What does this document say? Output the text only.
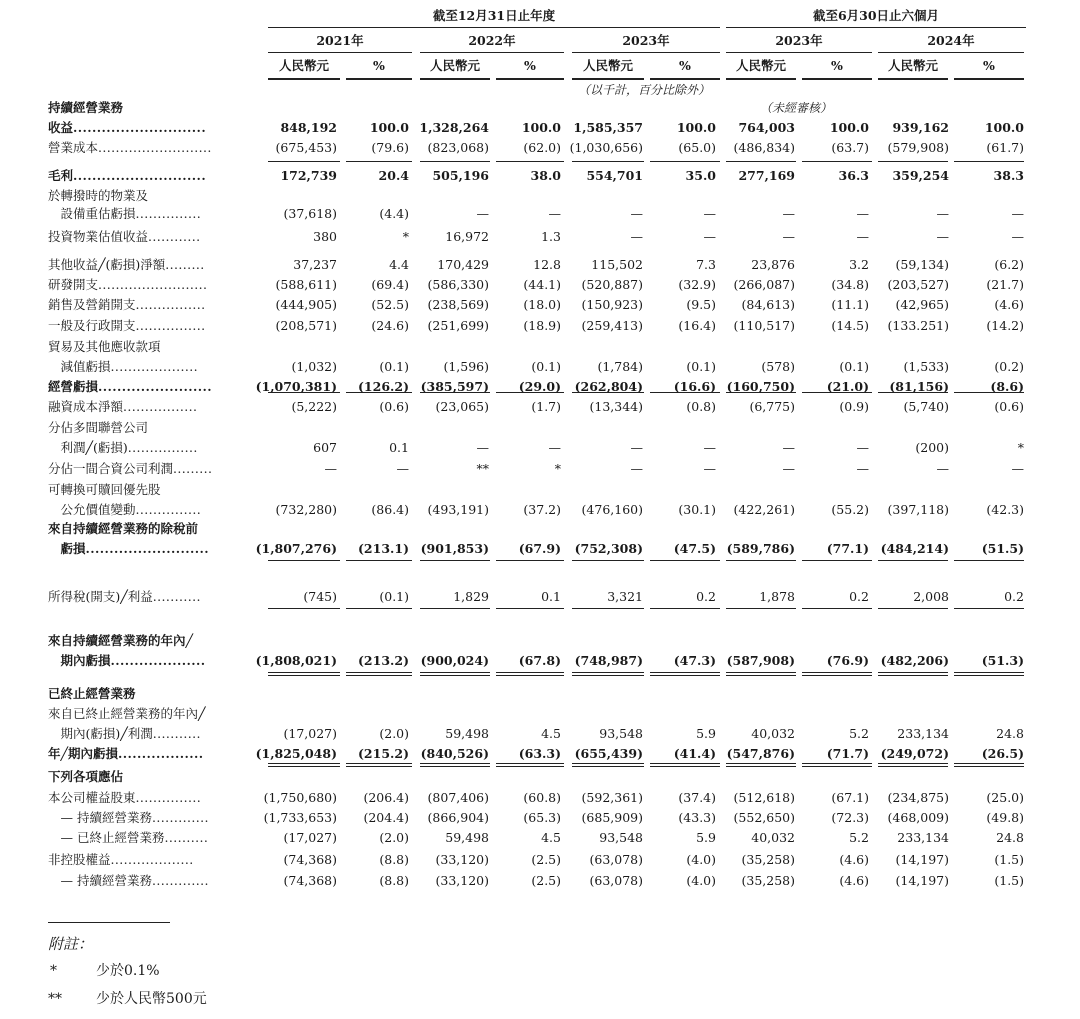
截至12月31日止年度	截至6月30日止六個月
2021年	2022年	2023年	2023年	2024年
人民幣元	%	人民幣元	%	人民幣元	%	人民幣元	%	人民幣元	%
（以千計，百分比除外）
（未經審核）
持續經營業務
收益............................	848,192	100.0 1,328,264	100.0 1,585,357	100.0	764,003	100.0	939,162	100.0
營業成本..........................	(675,453)	(79.6)	(823,068)	(62.0) (1,030,656)	(65.0)	(486,834)	(63.7)	(579,908)	(61.7)
毛利............................	172,739	20.4	505,196	38.0	554,701	35.0	277,169	36.3	359,254	38.3
於轉撥時的物業及
　設備重估虧損...............	(37,618)	(4.4)	—	—	—	—	—	—	—	—
投資物業估值收益............	380	*	16,972	1.3	—	—	—	—	—	—
其他收益╱(虧損)淨額.........	37,237	4.4	170,429	12.8	115,502	7.3	23,876	3.2	(59,134)	(6.2)
研發開支.........................	(588,611)	(69.4)	(586,330)	(44.1)	(520,887)	(32.9)	(266,087)	(34.8)	(203,527)	(21.7)
銷售及營銷開支................	(444,905)	(52.5)	(238,569)	(18.0)	(150,923)	(9.5)	(84,613)	(11.1)	(42,965)	(4.6)
一般及行政開支................	(208,571)	(24.6)	(251,699)	(18.9)	(259,413)	(16.4)	(110,517)	(14.5)	(133.251)	(14.2)
貿易及其他應收款項
　減值虧損....................	(1,032)	(0.1)	(1,596)	(0.1)	(1,784)	(0.1)	(578)	(0.1)	(1,533)	(0.2)
經營虧損........................	(1,070,381)	(126.2) (385,597)	(29.0)	(262,804)	(16.6) (160,750)	(21.0)	(81,156)	(8.6)
融資成本淨額.................	(5,222)	(0.6)	(23,065)	(1.7)	(13,344)	(0.8)	(6,775)	(0.9)	(5,740)	(0.6)
分佔多間聯營公司
　利潤╱(虧損)................	607	0.1	—	—	—	—	—	—	(200)	*
分佔一間合資公司利潤.........	—	—	**	*	—	—	—	—	—	—
可轉換可贖回優先股
　公允價值變動...............	(732,280)	(86.4)	(493,191)	(37.2)	(476,160)	(30.1)	(422,261)	(55.2)	(397,118)	(42.3)
來自持續經營業務的除稅前
　虧損..........................	(1,807,276)	(213.1) (901,853)	(67.9)	(752,308)	(47.5) (589,786)	(77.1) (484,214)	(51.5)
所得稅(開支)╱利益...........	(745)	(0.1)	1,829	0.1	3,321	0.2	1,878	0.2	2,008	0.2
來自持續經營業務的年內╱
　期內虧損....................	(1,808,021)	(213.2) (900,024)	(67.8)	(748,987)	(47.3) (587,908)	(76.9) (482,206)	(51.3)
已終止經營業務
來自已終止經營業務的年內╱
　期內(虧損)╱利潤...........	(17,027)	(2.0)	59,498	4.5	93,548	5.9	40,032	5.2	233,134	24.8
年╱期內虧損..................	(1,825,048)	(215.2) (840,526)	(63.3)	(655,439)	(41.4) (547,876)	(71.7) (249,072)	(26.5)
下列各項應佔
本公司權益股東...............	(1,750,680)	(206.4)	(807,406)	(60.8)	(592,361)	(37.4)	(512,618)	(67.1)	(234,875)	(25.0)
　— 持續經營業務.............	(1,733,653)	(204.4)	(866,904)	(65.3)	(685,909)	(43.3)	(552,650)	(72.3)	(468,009)	(49.8)
　— 已終止經營業務..........	(17,027)	(2.0)	59,498	4.5	93,548	5.9	40,032	5.2	233,134	24.8
非控股權益...................	(74,368)	(8.8)	(33,120)	(2.5)	(63,078)	(4.0)	(35,258)	(4.6)	(14,197)	(1.5)
　— 持續經營業務.............	(74,368)	(8.8)	(33,120)	(2.5)	(63,078)	(4.0)	(35,258)	(4.6)	(14,197)	(1.5)
附註：
*	少於0.1%
** 少於人民幣500元
